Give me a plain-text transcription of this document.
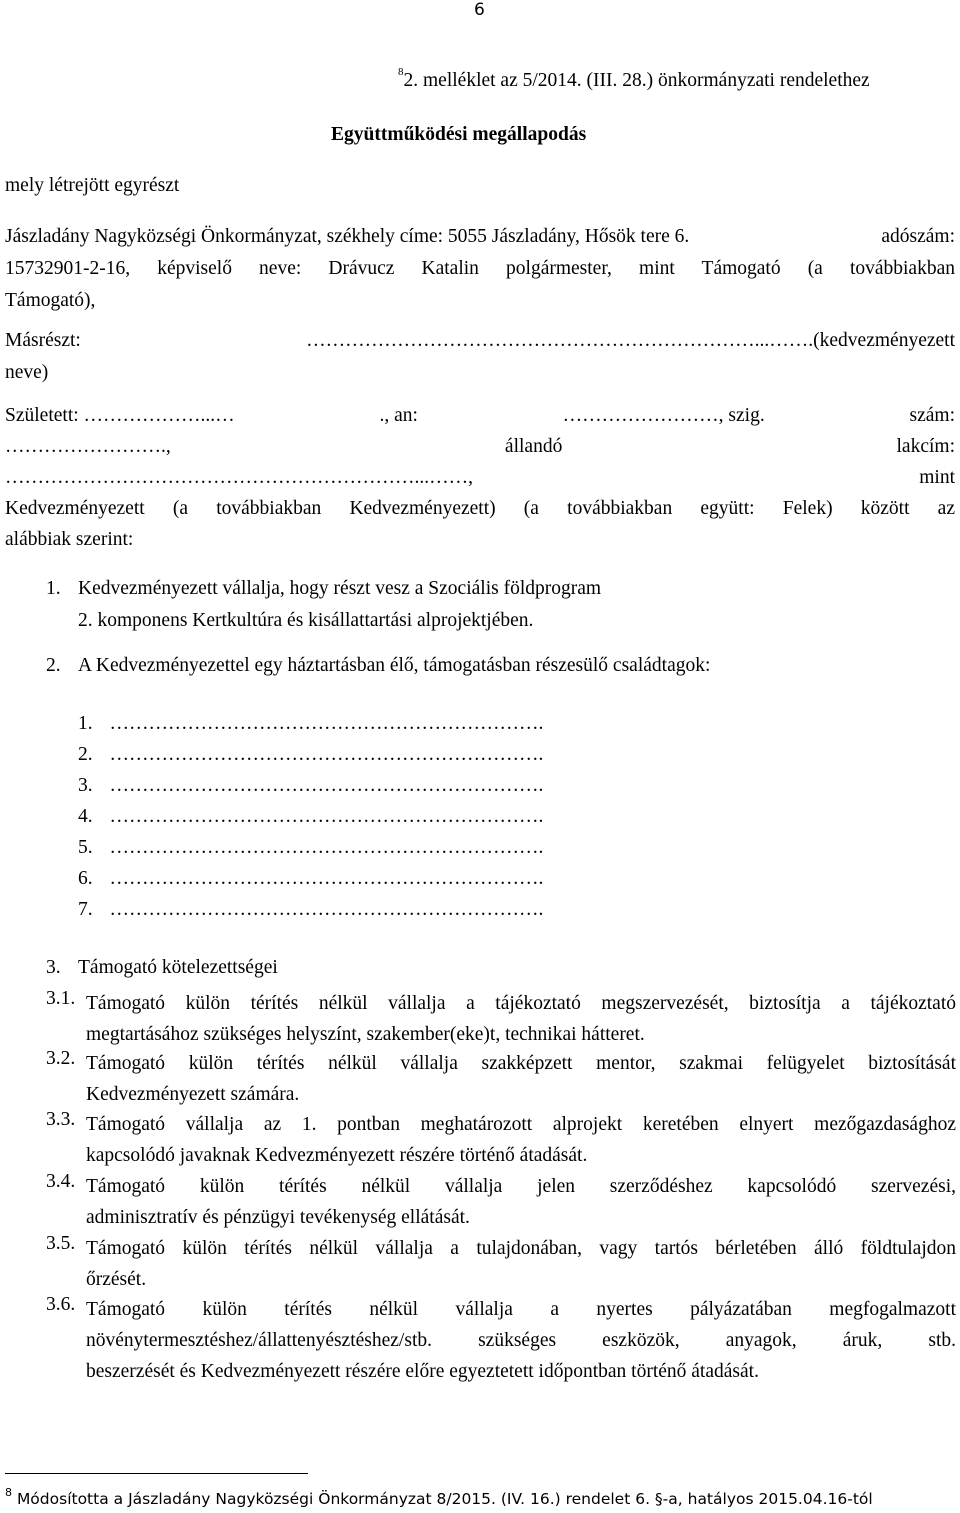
6
$^8$2. melléklet az 5/2014. (III. 28.) önkormányzati rendelethez
Együttműködési megállapodás
mely létrejött egyrészt
Jászladány Nagyközségi Önkormányzat, székhely címe: 5055 Jászladány, Hősök tere 6.	adószám:
15732901-2-16, képviselő neve: Drávucz Katalin polgármester, mint Támogató (a továbbiakban
Támogató),
Másrészt:	……………………………………………………………...…… .(kedvezményezett
neve)
Született: ………………...…	., an:	……………………, szig.	szám:
…………………….,	állandó	lakcím:
………………………………………………………...……,	mint
Kedvezményezett (a továbbiakban Kedvezményezett) (a továbbiakban együtt: Felek) között az
alábbiak szerint:
1. Kedvezményezett vállalja, hogy részt vesz a Szociális földprogram
2. komponens Kertkultúra és kisállattartási alprojektjében.
2. A Kedvezményezettel egy háztartásban élő, támogatásban részesülő családtagok:
1. ………………………………………………………….
2. ………………………………………………………….
3. ………………………………………………………….
4. ………………………………………………………….
5. ………………………………………………………….
6. ………………………………………………………….
7. ………………………………………………………….
3. Támogató kötelezettségei
3.1. Támogató külön térítés nélkül vállalja a tájékoztató megszervezését, biztosítja a tájékoztató
megtartásához szükséges helyszínt, szakember(eke)t, technikai hátteret.
3.2. Támogató külön térítés nélkül vállalja szakképzett mentor, szakmai felügyelet biztosítását
Kedvezményezett számára.
3.3. Támogató vállalja az 1. pontban meghatározott alprojekt keretében elnyert mezőgazdasághoz
kapcsolódó javaknak Kedvezményezett részére történő átadását.
3.4. Támogató külön térítés nélkül vállalja jelen szerződéshez kapcsolódó szervezési,
adminisztratív és pénzügyi tevékenység ellátását.
3.5. Támogató külön térítés nélkül vállalja a tulajdonában, vagy tartós bérletében álló földtulajdon
őrzését.
3.6. Támogató külön térítés nélkül vállalja a nyertes pályázatában megfogalmazott
növénytermesztéshez/állattenyésztéshez/stb. szükséges eszközök, anyagok, áruk, stb.
beszerzését és Kedvezményezett részére előre egyeztetett időpontban történő átadását.
$^8$ Módosította a Jászladány Nagyközségi Önkormányzat 8/2015. (IV. 16.) rendelet 6. §-a, hatályos 2015.04.16-tól
